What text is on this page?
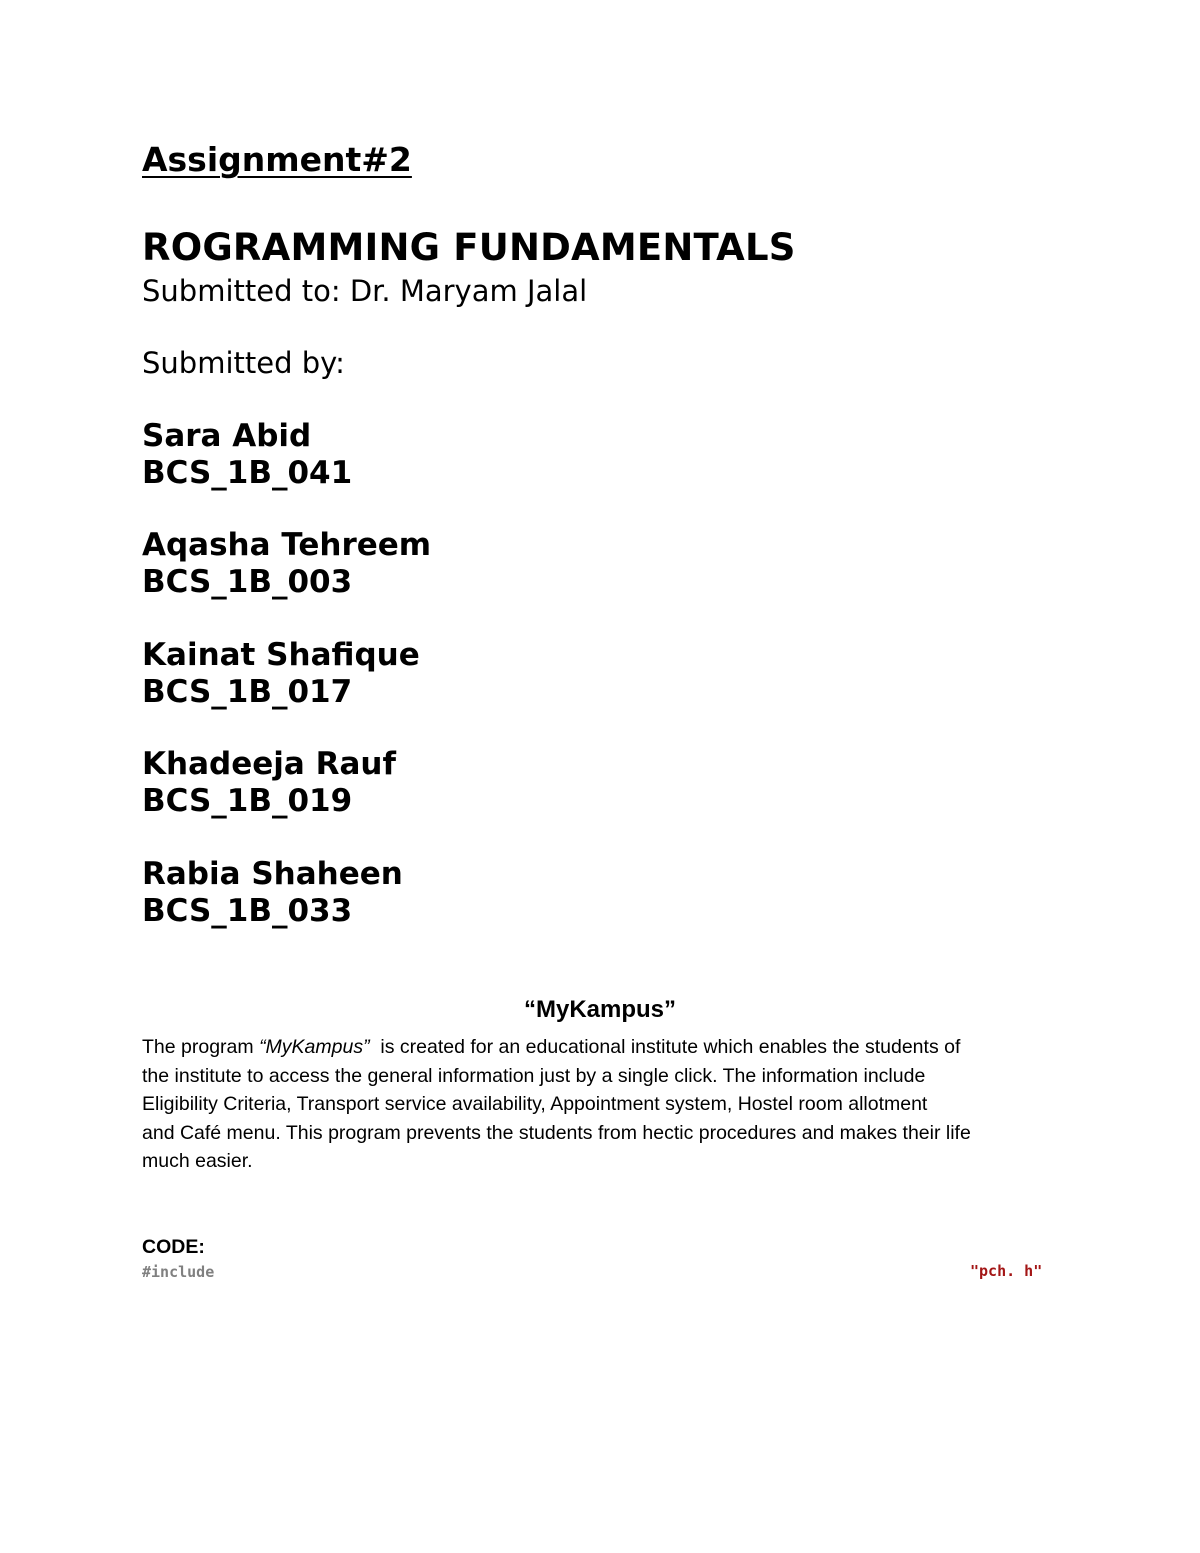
Assignment#2

ROGRAMMING FUNDAMENTALS

Submitted to: Dr. Maryam Jalal

Submitted by:

Sara Abid
BCS_1B_041
Aqasha Tehreem
BCS_1B_003
Kainat Shafique
BCS_1B_017
Khadeeja Rauf
BCS_1B_019
Rabia Shaheen
BCS_1B_033

“MyKampus”

The program “MyKampus”  is created for an educational institute which enables the students of
the institute to access the general information just by a single click. The information include
Eligibility Criteria, Transport service availability, Appointment system, Hostel room allotment
and Café menu. This program prevents the students from hectic procedures and makes their life
much easier.

CODE:

#include	"pch. h"
